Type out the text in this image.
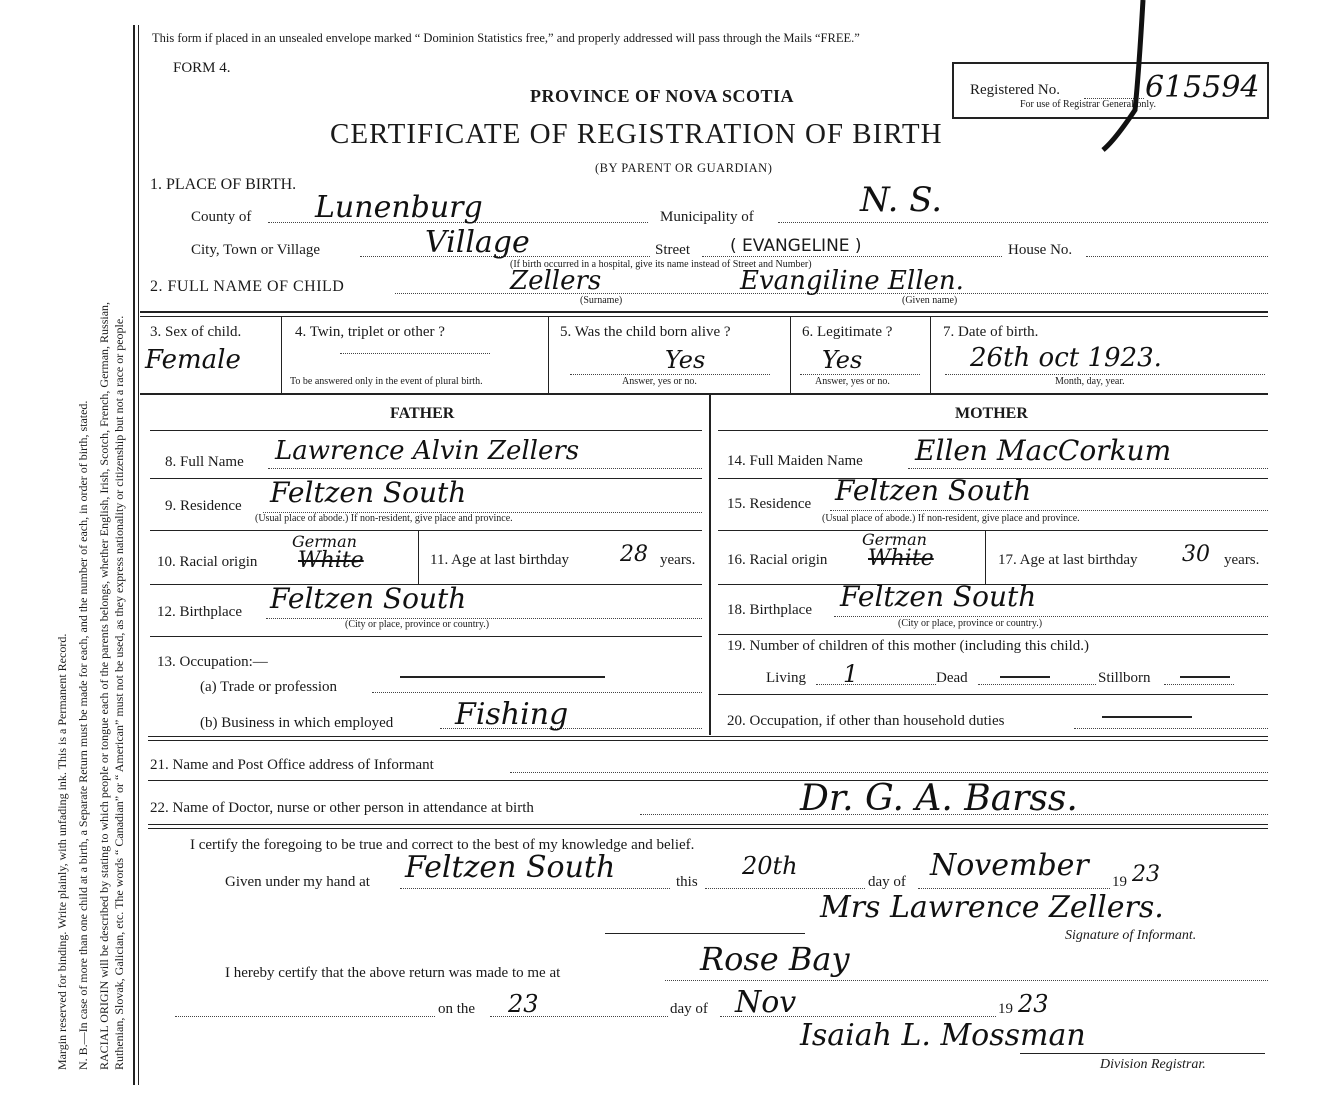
Margin reserved for binding. Write plainly, with unfading ink. This is a Permanent Record. N. B.—In case of more than one child at a birth, a Separate Return must be made for each, and the number of each, in order of birth, stated. RACIAL ORIGIN will be described by stating to which people or tongue each of the parents belongs, whether English, Irish, Scotch, French, German, Russian, Ruthenian, Slovak, Galician, etc. The words “ Canadian” or “ American” must not be used, as they express nationality or citizenship but not a race or people.
This form if placed in an unsealed envelope marked “ Dominion Statistics free,” and properly addressed will pass through the Mails “FREE.”
FORM 4.
PROVINCE OF NOVA SCOTIA
CERTIFICATE OF REGISTRATION OF BIRTH
(BY PARENT OR GUARDIAN)
Registered No.	615594
For use of Registrar General only.
1. PLACE OF BIRTH.
County of Lunenburg	Municipality of	N. S.
City, Town or Village	Village	Street ( EVANGELINE )	House No.
(If birth occurred in a hospital, give its name instead of Street and Number)
2. FULL NAME OF CHILD	Zellers	Evangiline Ellen.
(Surname)	(Given name)
3. Sex of child.
Female
4. Twin, triplet or other ?
To be answered only in the event of plural birth.
5. Was the child born alive ?
Yes
Answer, yes or no.
6. Legitimate ?
Yes
Answer, yes or no.
7. Date of birth.
26th oct 1923.
Month, day, year.
FATHER	MOTHER
8. Full Name Lawrence Alvin Zellers
9. Residence Feltzen South
(Usual place of abode.) If non-resident, give place and province.
10. Racial origin
German
White	11. Age at last birthday 28 years.
12. Birthplace Feltzen South
(City or place, province or country.)
13. Occupation:—
(a) Trade or profession
(b) Business in which employed Fishing
14. Full Maiden Name Ellen MacCorkum
15. Residence Feltzen South
(Usual place of abode.) If non-resident, give place and province.
16. Racial origin
German
White	17. Age at last birthday 30 years.
18. Birthplace Feltzen South
(City or place, province or country.)
19. Number of children of this mother (including this child.)
Living 1	Dead	Stillborn
20. Occupation, if other than household duties
21. Name and Post Office address of Informant
22. Name of Doctor, nurse or other person in attendance at birth	Dr. G. A. Barss.
I certify the foregoing to be true and correct to the best of my knowledge and belief.
Given under my hand at Feltzen South	this
20th
day of November 19 23
Mrs Lawrence Zellers.
Signature of Informant.
I hereby certify that the above return was made to me at	Rose Bay
on the 23	day of Nov	19 23
Isaiah L. Mossman
Division Registrar.
